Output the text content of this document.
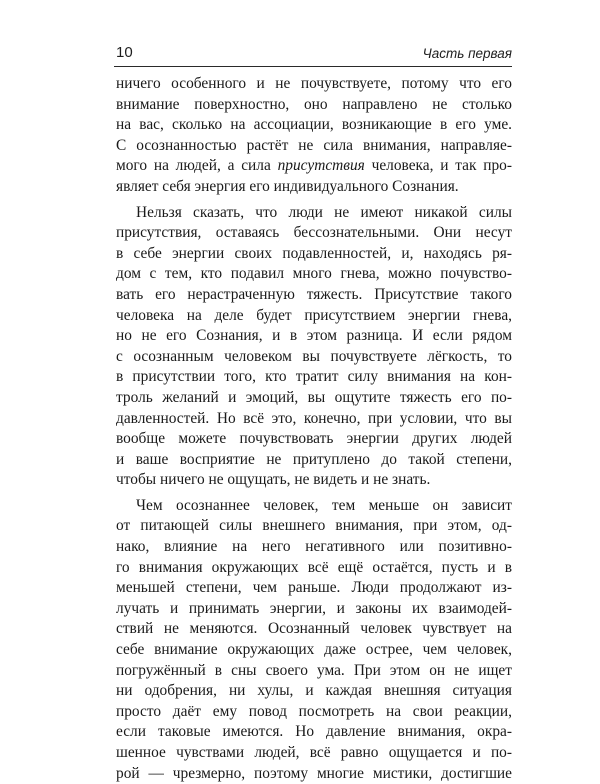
10	Часть первая
ничего особенного и не почувствуете, потому что его
внимание поверхностно, оно направлено не столько
на вас, сколько на ассоциации, возникающие в его уме.
С осознанностью растёт не сила внимания, направляе-
мого на людей, а сила присутствия человека, и так про-
являет себя энергия его индивидуального Сознания.
Нельзя сказать, что люди не имеют никакой силы
присутствия, оставаясь бессознательными. Они несут
в себе энергии своих подавленностей, и, находясь ря-
дом с тем, кто подавил много гнева, можно почувство-
вать его нерастраченную тяжесть. Присутствие такого
человека на деле будет присутствием энергии гнева,
но не его Сознания, и в этом разница. И если рядом
с осознанным человеком вы почувствуете лёгкость, то
в присутствии того, кто тратит силу внимания на кон-
троль желаний и эмоций, вы ощутите тяжесть его по-
давленностей. Но всё это, конечно, при условии, что вы
вообще можете почувствовать энергии других людей
и ваше восприятие не притуплено до такой степени,
чтобы ничего не ощущать, не видеть и не знать.
Чем осознаннее человек, тем меньше он зависит
от питающей силы внешнего внимания, при этом, од-
нако, влияние на него негативного или позитивно-
го внимания окружающих всё ещё остаётся, пусть и в
меньшей степени, чем раньше. Люди продолжают из-
лучать и принимать энергии, и законы их взаимодей-
ствий не меняются. Осознанный человек чувствует на
себе внимание окружающих даже острее, чем человек,
погружённый в сны своего ума. При этом он не ищет
ни одобрения, ни хулы, и каждая внешняя ситуация
просто даёт ему повод посмотреть на свои реакции,
если таковые имеются. Но давление внимания, окра-
шенное чувствами людей, всё равно ощущается и по-
рой — чрезмерно, поэтому многие мистики, достигшие
